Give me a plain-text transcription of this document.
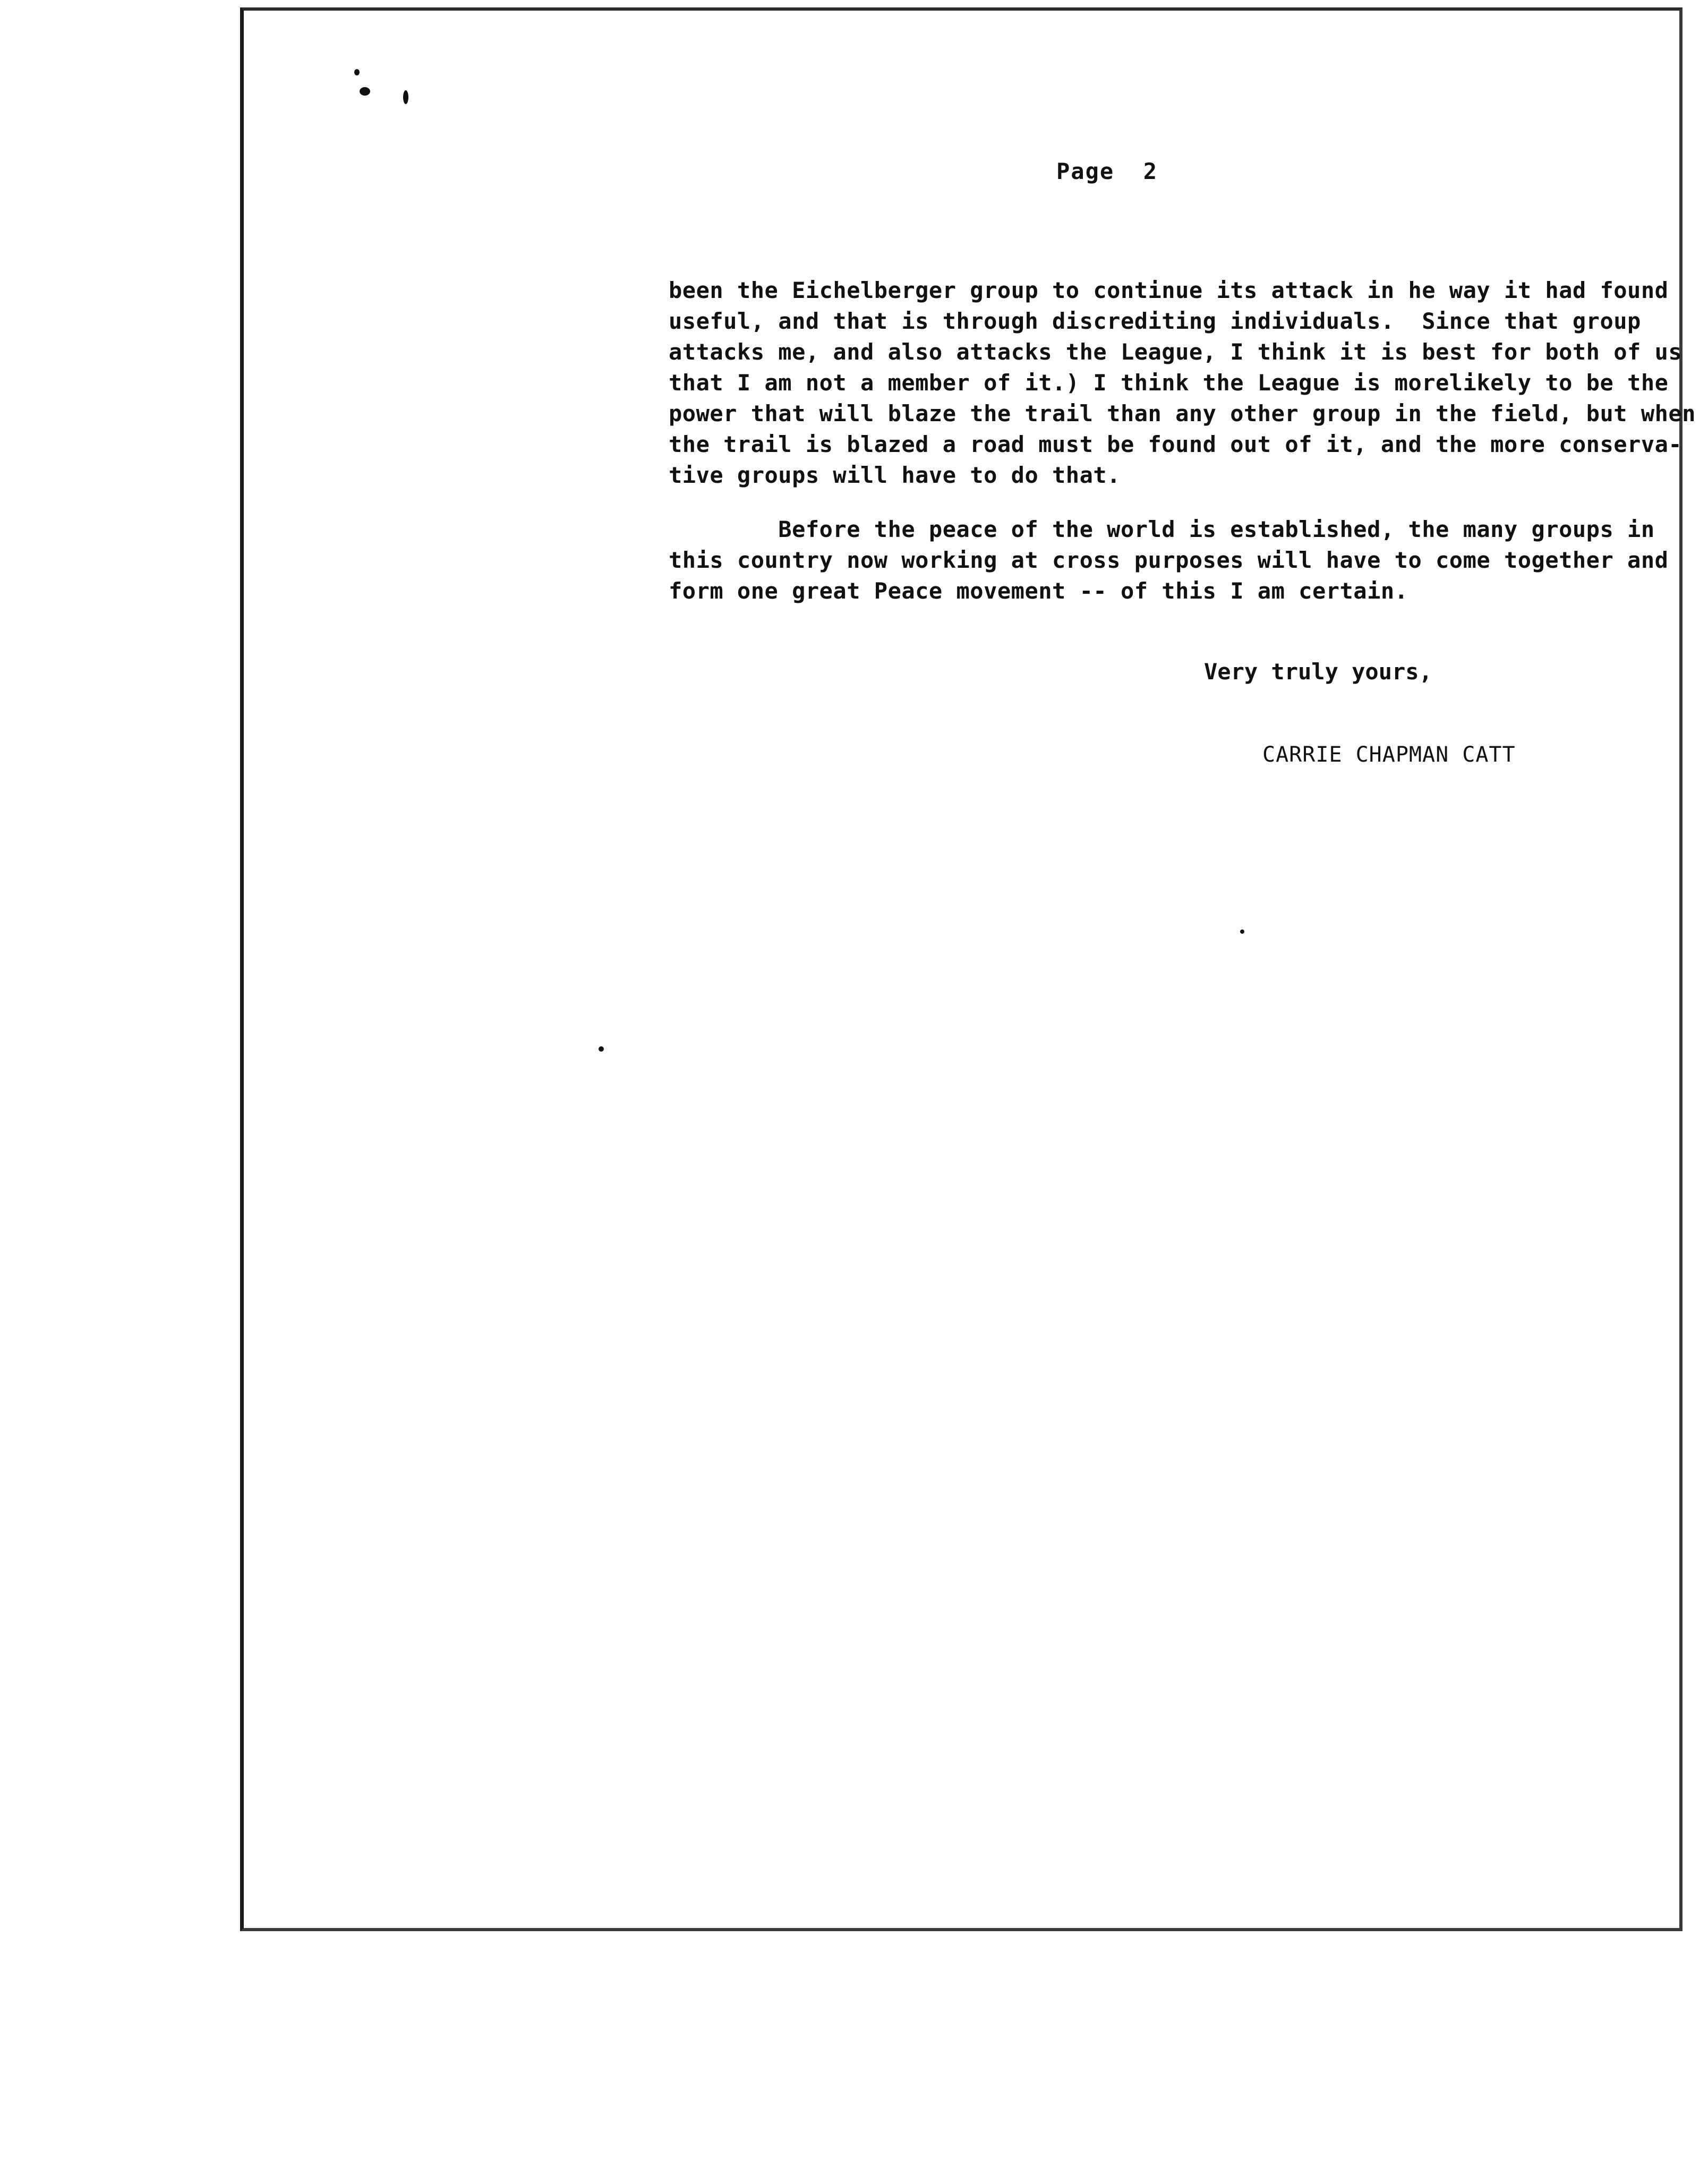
Page  2
been the Eichelberger group to continue its attack in he way it had found
useful, and that is through discrediting individuals.  Since that group
attacks me, and also attacks the League, I think it is best for both of us
that I am not a member of it.) I think the League is morelikely to be the
power that will blaze the trail than any other group in the field, but when
the trail is blazed a road must be found out of it, and the more conserva-
tive groups will have to do that.
Before the peace of the world is established, the many groups in
this country now working at cross purposes will have to come together and
form one great Peace movement -- of this I am certain.
Very truly yours,
CARRIE CHAPMAN CATT
